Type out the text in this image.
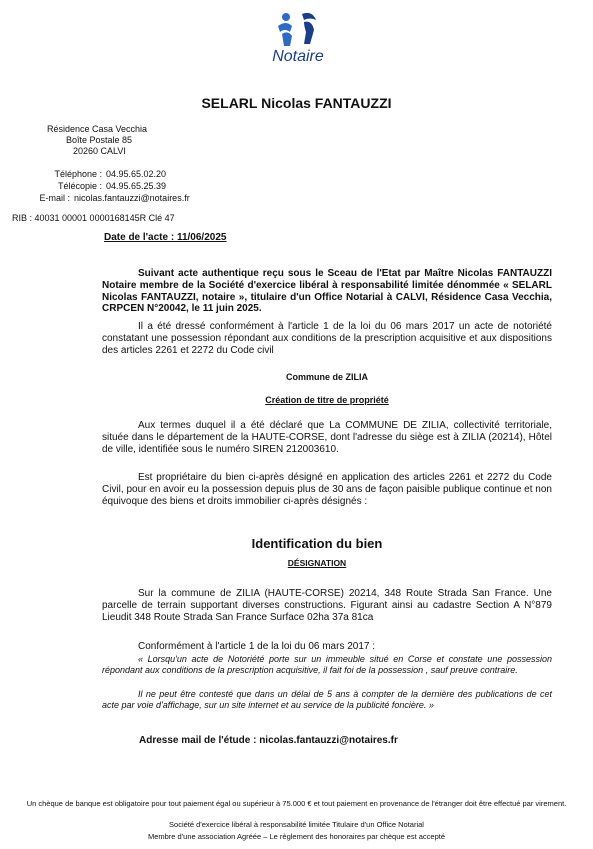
Notaire
SELARL Nicolas FANTAUZZI
Résidence Casa Vecchia
Boîte Postale 85
20260 CALVI
Téléphone : 04.95.65.02.20
Télécopie : 04.95.65.25.39
E-mail : nicolas.fantauzzi@notaires.fr
RIB : 40031 00001 0000168145R Clé 47
Date de l'acte : 11/06/2025
Suivant acte authentique reçu sous le Sceau de l'Etat par Maître Nicolas FANTAUZZI Notaire membre de la Société d'exercice libéral à responsabilité limitée dénommée « SELARL Nicolas FANTAUZZI, notaire », titulaire d'un Office Notarial à CALVI, Résidence Casa Vecchia, CRPCEN N°20042, le 11 juin 2025.
Il a été dressé conformément à l'article 1 de la loi du 06 mars 2017 un acte de notoriété constatant une possession répondant aux conditions de la prescription acquisitive et aux dispositions des articles 2261 et 2272 du Code civil
Commune de ZILIA
Création de titre de propriété
Aux termes duquel il a été déclaré que La COMMUNE DE ZILIA, collectivité territoriale, située dans le département de la HAUTE-CORSE, dont l'adresse du siège est à ZILIA (20214), Hôtel de ville, identifiée sous le numéro SIREN 212003610.
Est propriétaire du bien ci-après désigné en application des articles 2261 et 2272 du Code Civil, pour en avoir eu la possession depuis plus de 30 ans de façon paisible publique continue et non équivoque des biens et droits immobilier ci-après désignés :
Identification du bien
DÉSIGNATION
Sur la commune de ZILIA (HAUTE-CORSE) 20214, 348 Route Strada San France. Une parcelle de terrain supportant diverses constructions. Figurant ainsi au cadastre Section A N°879 Lieudit 348 Route Strada San France Surface 02ha 37a 81ca
Conformément à l'article 1 de la loi du 06 mars 2017 :
« Lorsqu'un acte de Notoriété porte sur un immeuble situé en Corse et constate une possession répondant aux conditions de la prescription acquisitive, il fait foi de la possession , sauf preuve contraire.
Il ne peut être contesté que dans un délai de 5 ans à compter de la dernière des publications de cet acte par voie d'affichage, sur un site internet et au service de la publicité foncière. »
Adresse mail de l'étude : nicolas.fantauzzi@notaires.fr
Un chèque de banque est obligatoire pour tout paiement égal ou supérieur à 75.000 € et tout paiement en provenance de l'étranger doit être effectué par virement.
Société d'exercice libéral à responsabilité limitée Titulaire d'un Office Notarial
Membre d'une association Agréée – Le règlement des honoraires par chèque est accepté
